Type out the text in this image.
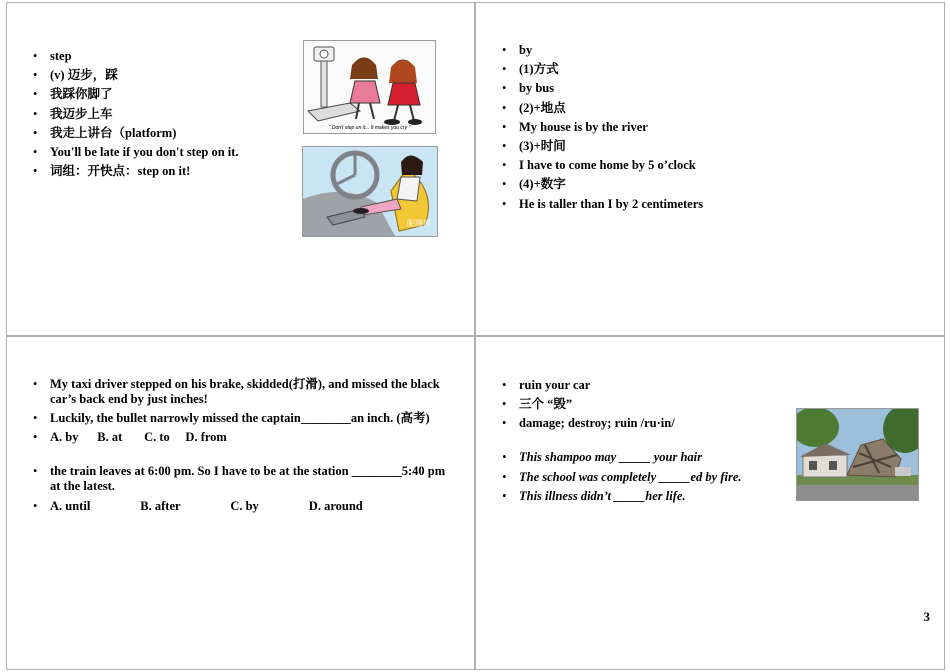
• step
• (v) 迈步，踩
• 我踩你脚了
• 我迈步上车
• 我走上讲台（platform)
• You'll be late if you don't step on it.
• 词组：开快点：step on it!
" Don't step on it... It makes you cry "
昵图网
• by
• (1)方式
• by bus
• (2)+地点
• My house is by the river
• (3)+时间
• I have to come home by 5 o’clock
• (4)+数字
• He is taller than I by 2 centimeters
• My taxi driver stepped on his brake, skidded(打滑), and missed the black car’s back end by just inches!
• Luckily, the bullet narrowly missed the captain________an inch. (高考)
• A. by      B. at       C. to     D. from
• the train leaves at 6:00 pm. So I have to be at the station ________5:40 pm at the latest.
• A. until                B. after                C. by                D. around
• ruin your car
• 三个 “毁”
• damage; destroy; ruin /ru·in/
• This shampoo may _____ your hair
• The school was completely _____ed by fire.
• This illness didn’t _____her life.
3
